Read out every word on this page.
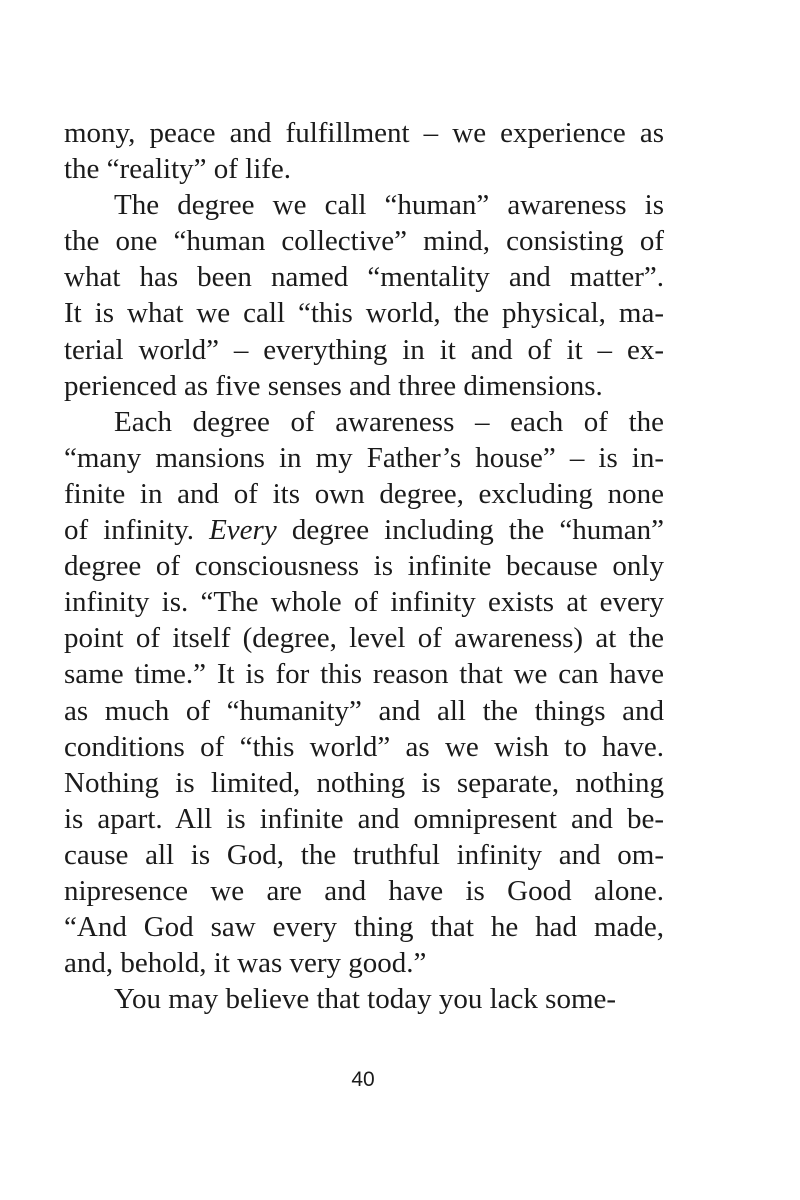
mony, peace and fulfillment – we experience as
the “reality” of life.
The degree we call “human” awareness is
the one “human collective” mind, consisting of
what has been named “mentality and matter”.
It is what we call “this world, the physical, ma-
terial world” – everything in it and of it – ex-
perienced as five senses and three dimensions.
Each degree of awareness – each of the
“many mansions in my Father’s house” – is in-
finite in and of its own degree, excluding none
of infinity. Every degree including the “human”
degree of consciousness is infinite because only
infinity is. “The whole of infinity exists at every
point of itself (degree, level of awareness) at the
same time.” It is for this reason that we can have
as much of “humanity” and all the things and
conditions of “this world” as we wish to have.
Nothing is limited, nothing is separate, nothing
is apart. All is infinite and omnipresent and be-
cause all is God, the truthful infinity and om-
nipresence we are and have is Good alone.
“And God saw every thing that he had made,
and, behold, it was very good.”
You may believe that today you lack some-
40
